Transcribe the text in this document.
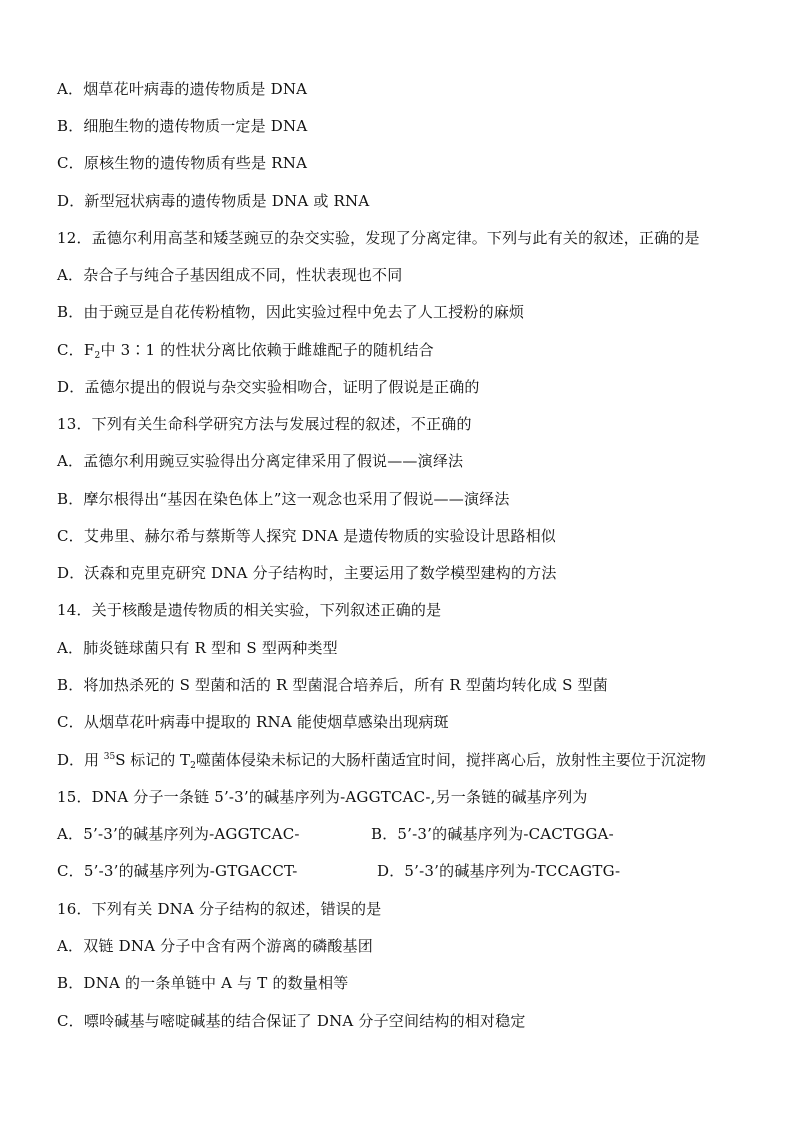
A．烟草花叶病毒的遗传物质是 DNA
B．细胞生物的遗传物质一定是 DNA
C．原核生物的遗传物质有些是 RNA
D．新型冠状病毒的遗传物质是 DNA 或 RNA
12．孟德尔利用高茎和矮茎豌豆的杂交实验，发现了分离定律。下列与此有关的叙述，正确的是
A．杂合子与纯合子基因组成不同，性状表现也不同
B．由于豌豆是自花传粉植物，因此实验过程中免去了人工授粉的麻烦
C．$F_2$中 3∶1 的性状分离比依赖于雌雄配子的随机结合
D．孟德尔提出的假说与杂交实验相吻合，证明了假说是正确的
13．下列有关生命科学研究方法与发展过程的叙述，不正确的
A．孟德尔利用豌豆实验得出分离定律采用了假说——演绎法
B．摩尔根得出“基因在染色体上”这一观念也采用了假说——演绎法
C．艾弗里、赫尔希与蔡斯等人探究 DNA 是遗传物质的实验设计思路相似
D．沃森和克里克研究 DNA 分子结构时，主要运用了数学模型建构的方法
14．关于核酸是遗传物质的相关实验，下列叙述正确的是
A．肺炎链球菌只有 R 型和 S 型两种类型
B．将加热杀死的 S 型菌和活的 R 型菌混合培养后，所有 R 型菌均转化成 S 型菌
C．从烟草花叶病毒中提取的 RNA 能使烟草感染出现病斑
D．用 $^{35}$S 标记的 $T_2$噬菌体侵染未标记的大肠杆菌适宜时间，搅拌离心后，放射性主要位于沉淀物
15．DNA 分子一条链 5’-3’的碱基序列为-AGGTCAC-,另一条链的碱基序列为
A．5’-3’的碱基序列为-AGGTCAC-	B．5’-3’的碱基序列为-CACTGGA-
C．5’-3’的碱基序列为-GTGACCT-	D．5’-3’的碱基序列为-TCCAGTG-
16．下列有关 DNA 分子结构的叙述，错误的是
A．双链 DNA 分子中含有两个游离的磷酸基团
B．DNA 的一条单链中 A 与 T 的数量相等
C．嘌呤碱基与嘧啶碱基的结合保证了 DNA 分子空间结构的相对稳定
